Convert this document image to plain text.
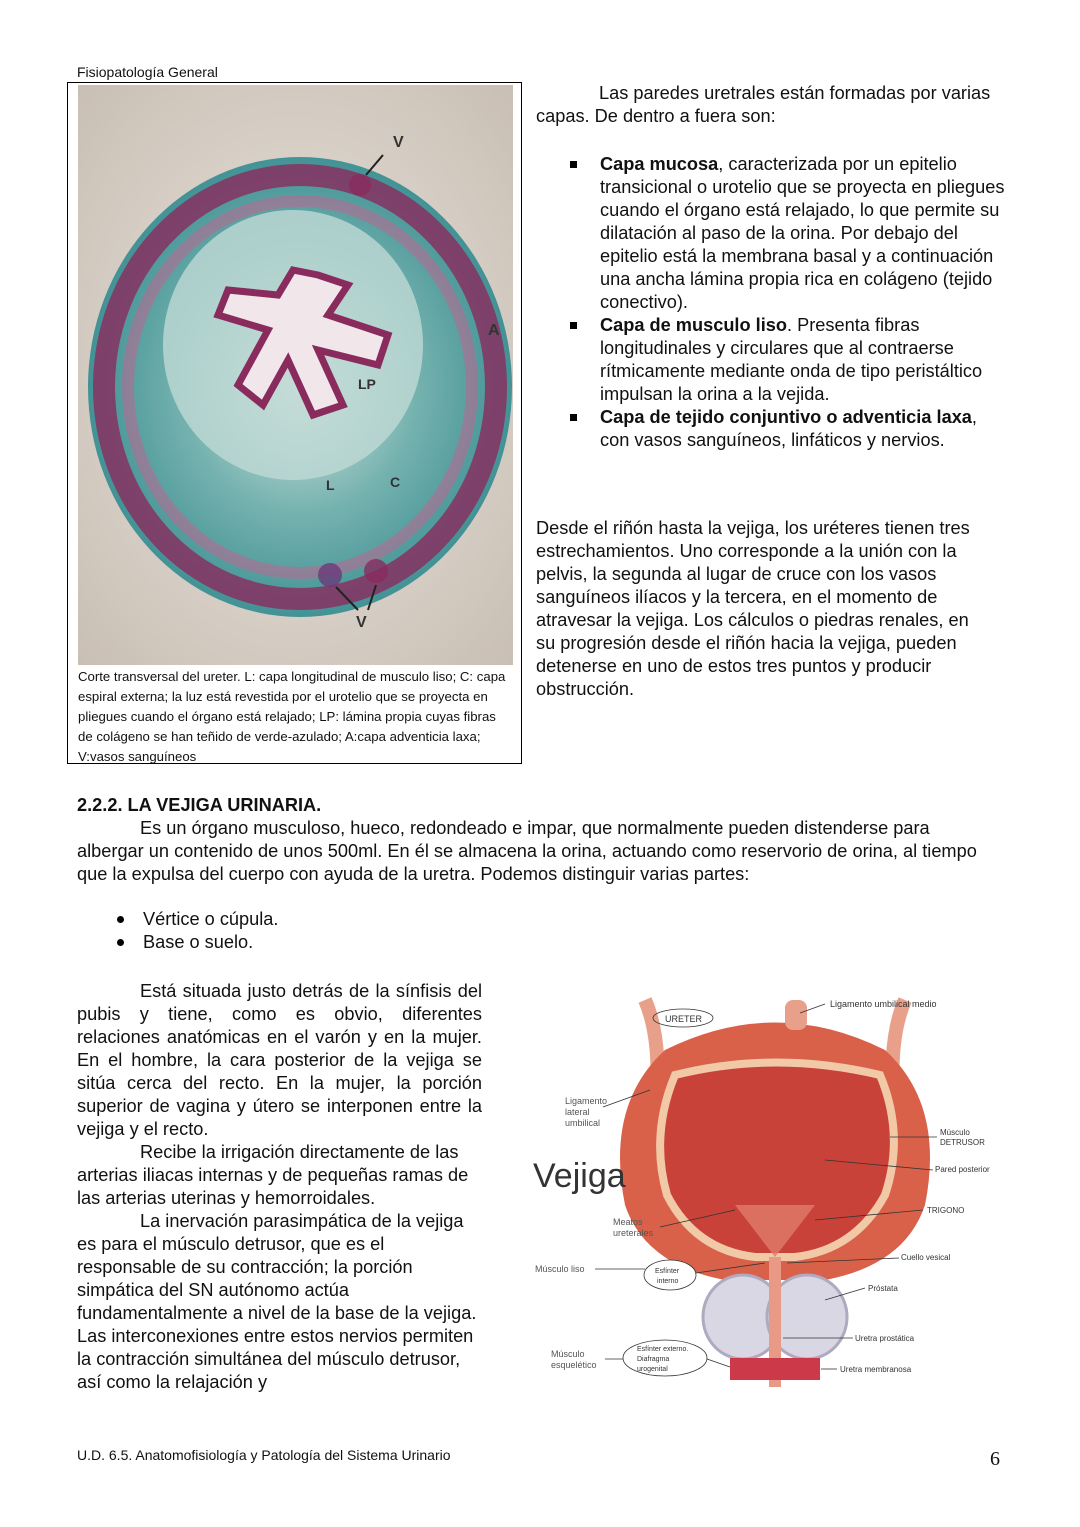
Fisiopatología General
V
A
LP
L	C
V
Corte transversal del ureter. L: capa longitudinal de musculo liso; C: capa espiral externa; la luz está revestida por el urotelio que se proyecta en pliegues cuando el órgano está relajado; LP: lámina propia cuyas fibras de colágeno se han teñido de verde-azulado; A:capa adventicia laxa; V:vasos sanguíneos

Las paredes uretrales están formadas por varias capas. De dentro a fuera son:

Capa mucosa, caracterizada por un epitelio transicional o urotelio que se proyecta en pliegues cuando el órgano está relajado, lo que permite su dilatación al paso de la orina. Por debajo del epitelio está la membrana basal y a continuación una ancha lámina propia rica en colágeno (tejido conectivo).
Capa de musculo liso. Presenta fibras longitudinales y circulares que al contraerse rítmicamente mediante onda de tipo peristáltico impulsan la orina a la vejida.
Capa de tejido conjuntivo o adventicia laxa, con vasos sanguíneos, linfáticos y nervios.

Desde el riñón hasta la vejiga, los uréteres tienen tres estrechamientos. Uno corresponde a la unión con la pelvis, la segunda al lugar de cruce con los vasos sanguíneos ilíacos y la tercera, en el momento de atravesar la vejiga. Los cálculos o piedras renales, en su progresión desde el riñón hacia la vejiga, pueden detenerse en uno de estos tres puntos y producir obstrucción.

2.2.2. LA VEJIGA URINARIA.

Es un órgano musculoso, hueco, redondeado e impar, que normalmente pueden distenderse para albergar un contenido de unos 500ml. En él se almacena la orina, actuando como reservorio de orina, al tiempo que la expulsa del cuerpo con ayuda de la uretra. Podemos distinguir varias partes:

Vértice o cúpula.
Base o suelo.

Está situada justo detrás de la sínfisis del pubis y tiene, como es obvio, diferentes relaciones anatómicas en el varón y en la mujer. En el hombre, la cara posterior de la vejiga se sitúa cerca del recto. En la mujer, la porción superior de vagina y útero se interponen entre la vejiga y el recto.

Recibe la irrigación directamente de las arterias iliacas internas y de pequeñas ramas de las arterias uterinas y hemorroidales.

La inervación parasimpática de la vejiga es para el músculo detrusor, que es el responsable de su contracción; la porción simpática del SN autónomo actúa fundamentalmente a nivel de la base de la vejiga. Las interconexiones entre estos nervios permiten la contracción simultánea del músculo detrusor, así como la relajación y

Ligamento umbilical medio
URETER
Ligamento
lateral
umbilical
Vejiga
Músculo
DETRUSOR
Pared posterior
TRIGONO
Meatos
ureterales
Cuello vesical
Músculo liso	Esfínter
interno
Próstata
Uretra prostática
Músculo
esquelético
Esfínter externo.
Diafragma
urogenital	Uretra membranosa
U.D. 6.5. Anatomofisiología y Patología del Sistema Urinario	6
